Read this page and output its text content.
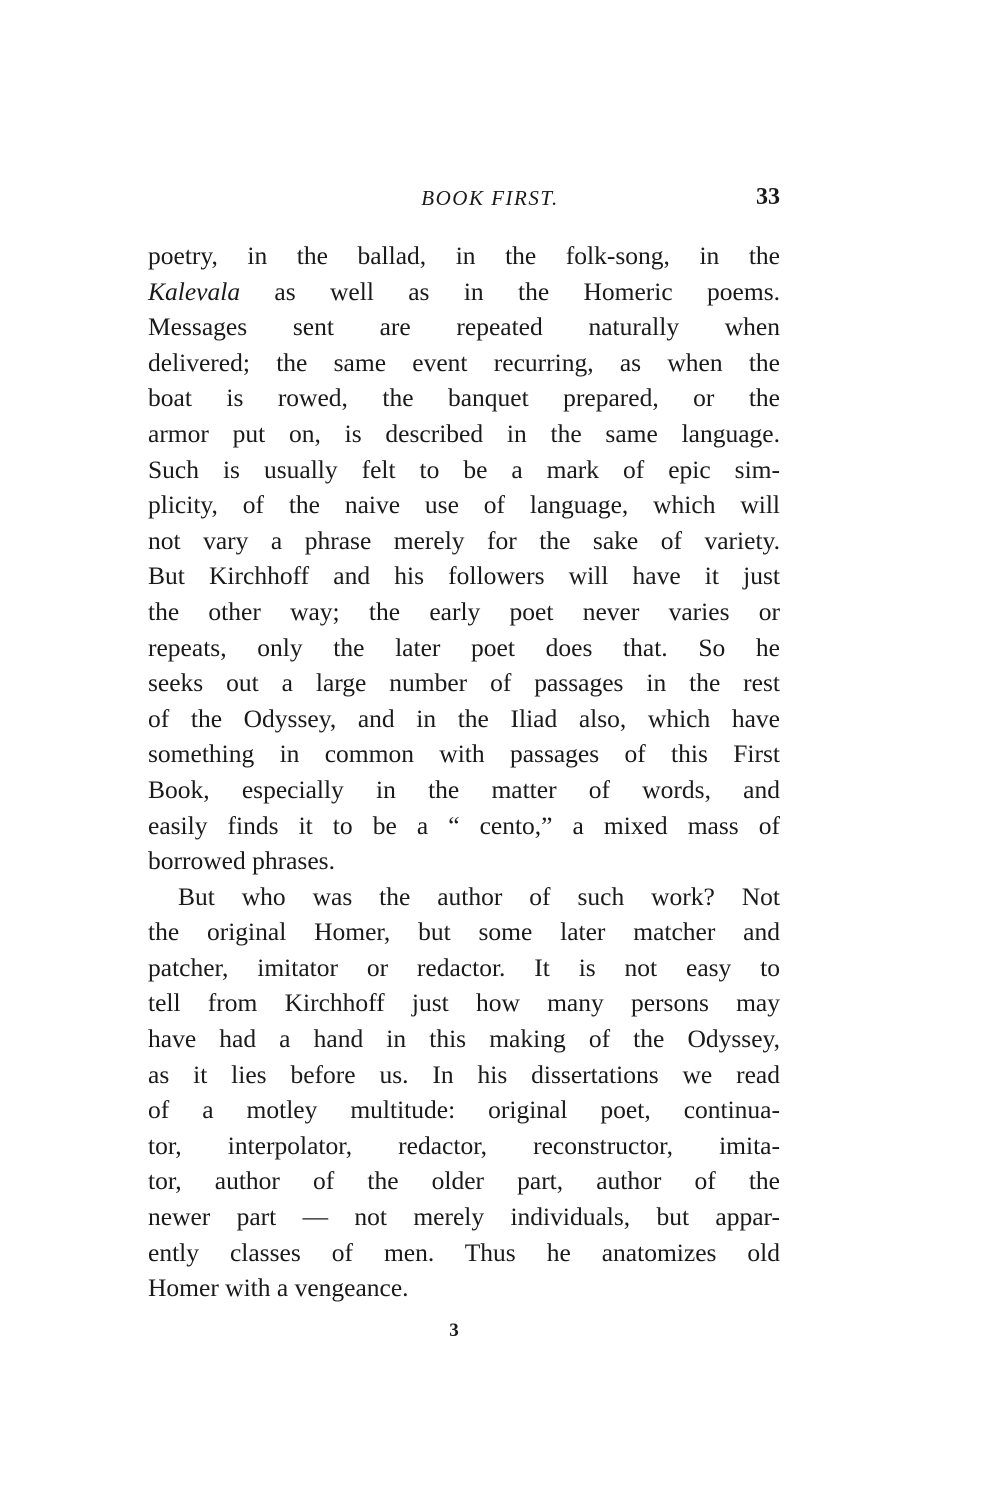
BOOK FIRST.	33
poetry, in the ballad, in the folk-song, in the
Kalevala as well as in the Homeric poems.
Messages sent are repeated naturally when
delivered; the same event recurring, as when the
boat is rowed, the banquet prepared, or the
armor put on, is described in the same language.
Such is usually felt to be a mark of epic sim-
plicity, of the naive use of language, which will
not vary a phrase merely for the sake of variety.
But Kirchhoff and his followers will have it just
the other way; the early poet never varies or
repeats, only the later poet does that. So he
seeks out a large number of passages in the rest
of the Odyssey, and in the Iliad also, which have
something in common with passages of this First
Book, especially in the matter of words, and
easily finds it to be a “ cento,” a mixed mass of
borrowed phrases.
But who was the author of such work? Not
the original Homer, but some later matcher and
patcher, imitator or redactor. It is not easy to
tell from Kirchhoff just how many persons may
have had a hand in this making of the Odyssey,
as it lies before us. In his dissertations we read
of a motley multitude: original poet, continua-
tor, interpolator, redactor, reconstructor, imita-
tor, author of the older part, author of the
newer part — not merely individuals, but appar-
ently classes of men. Thus he anatomizes old
Homer with a vengeance.
3
